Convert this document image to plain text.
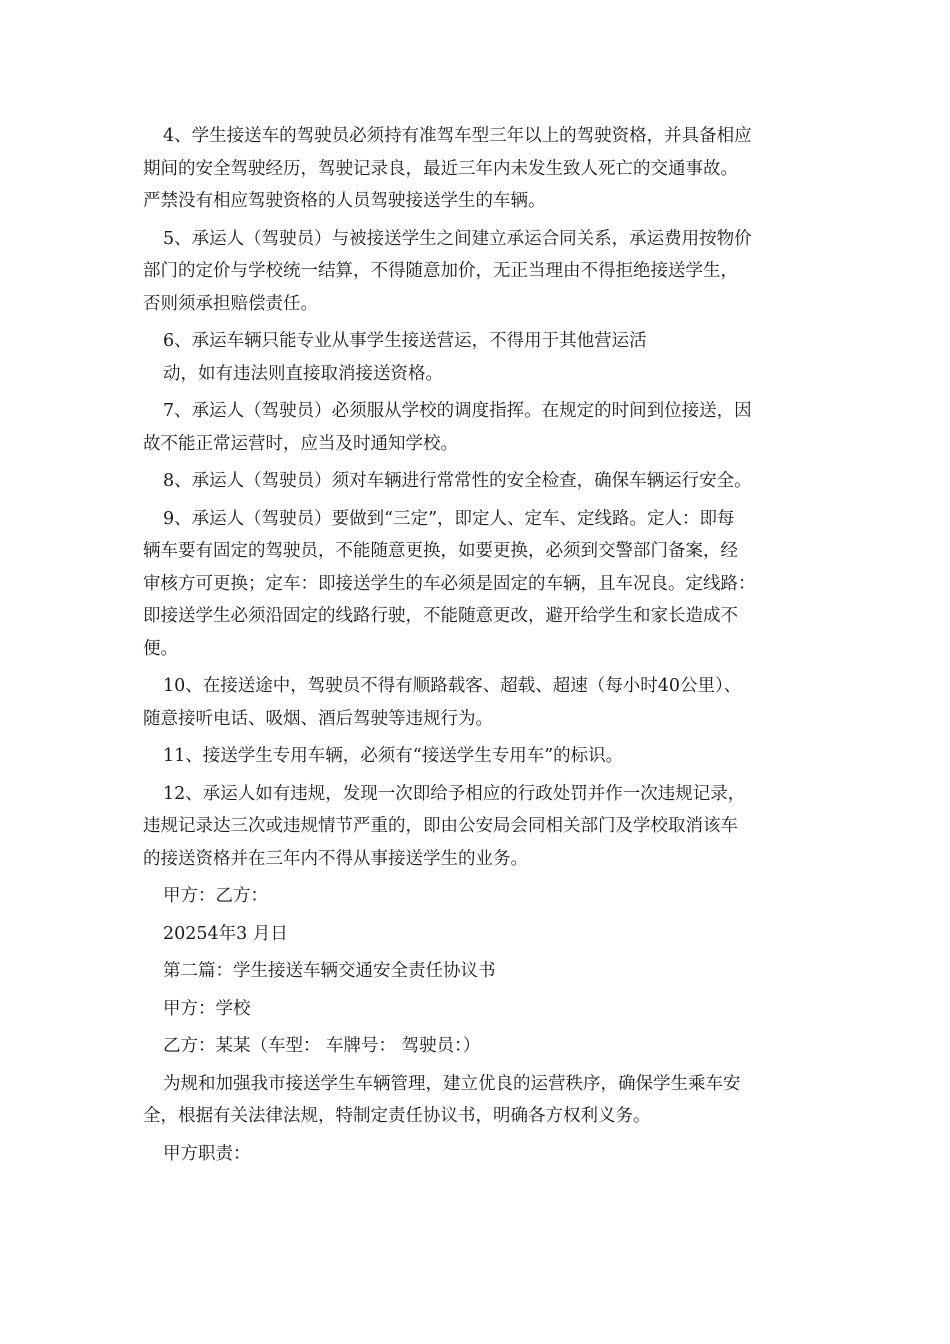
4、学生接送车的驾驶员必须持有准驾车型三年以上的驾驶资格，并具备相应
期间的安全驾驶经历，驾驶记录良，最近三年内未发生致人死亡的交通事故。
严禁没有相应驾驶资格的人员驾驶接送学生的车辆。
5、承运人（驾驶员）与被接送学生之间建立承运合同关系，承运费用按物价
部门的定价与学校统一结算，不得随意加价，无正当理由不得拒绝接送学生，
否则须承担赔偿责任。
6、承运车辆只能专业从事学生接送营运，不得用于其他营运活
动，如有违法则直接取消接送资格。
7、承运人（驾驶员）必须服从学校的调度指挥。在规定的时间到位接送，因
故不能正常运营时，应当及时通知学校。
8、承运人（驾驶员）须对车辆进行常常性的安全检查，确保车辆运行安全。
9、承运人（驾驶员）要做到“三定”，即定人、定车、定线路。定人：即每
辆车要有固定的驾驶员，不能随意更换，如要更换，必须到交警部门备案，经
审核方可更换；定车：即接送学生的车必须是固定的车辆，且车况良。定线路：
即接送学生必须沿固定的线路行驶，不能随意更改，避开给学生和家长造成不
便。
10、在接送途中，驾驶员不得有顺路载客、超载、超速（每小时40公里）、
随意接听电话、吸烟、酒后驾驶等违规行为。
11、接送学生专用车辆，必须有“接送学生专用车”的标识。
12、承运人如有违规，发现一次即给予相应的行政处罚并作一次违规记录，
违规记录达三次或违规情节严重的，即由公安局会同相关部门及学校取消该车
的接送资格并在三年内不得从事接送学生的业务。
甲方：乙方：
20254年3 月日
第二篇：学生接送车辆交通安全责任协议书
甲方：学校
乙方：某某（车型： 车牌号： 驾驶员：）
为规和加强我市接送学生车辆管理，建立优良的运营秩序，确保学生乘车安
全，根据有关法律法规，特制定责任协议书，明确各方权利义务。
甲方职责：
